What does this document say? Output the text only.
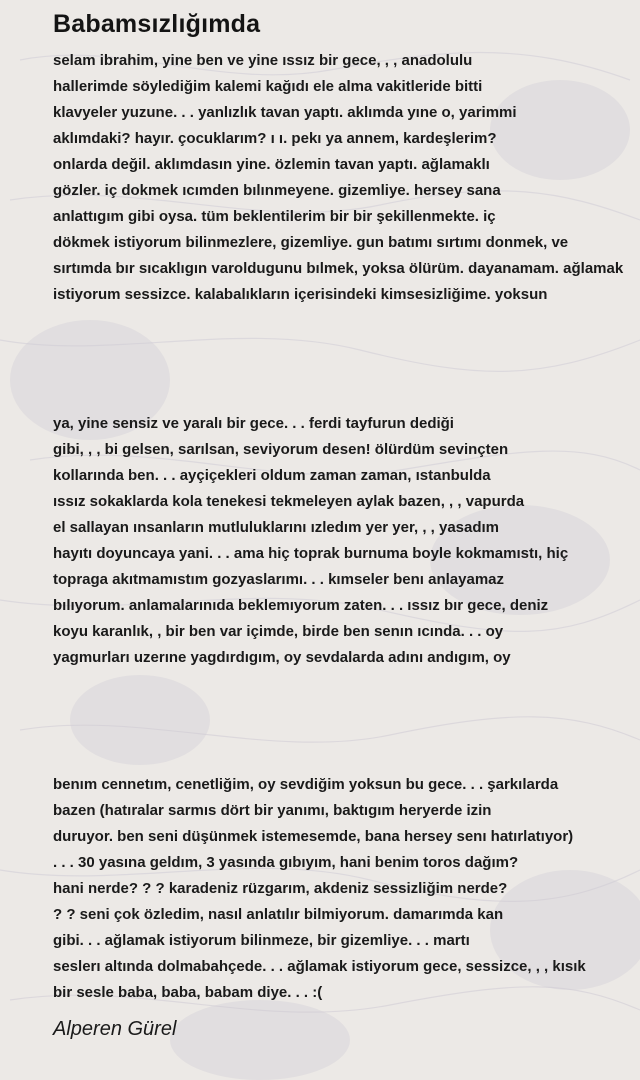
Babamsızlığımda
selam ibrahim, yine ben ve yine ıssız bir gece, , , anadolulu
hallerimde söylediğim kalemi kağıdı ele alma vakitleride bitti
klavyeler yuzune. . . yanlızlık tavan yaptı. aklımda yıne o, yarimmi
aklımdaki? hayır. çocuklarım? ı ı. pekı ya annem, kardeşlerim?
onlarda değil. aklımdasın yine. özlemin tavan yaptı. ağlamaklı
gözler. iç dokmek ıcımden bılınmeyene. gizemliye. hersey sana
anlattıgım gibi oysa. tüm beklentilerim bir bir şekillenmekte. iç
dökmek istiyorum bilinmezlere, gizemliye. gun batımı sırtımı donmek, ve
sırtımda bır sıcaklıgın varoldugunu bılmek, yoksa ölürüm. dayanamam. ağlamak
istiyorum sessizce. kalabalıkların içerisindeki kimsesizliğime. yoksun
ya, yine sensiz ve yaralı bir gece. . . ferdi tayfurun dediği
gibi, , , bi gelsen, sarılsan, seviyorum desen! ölürdüm sevinçten
kollarında ben. . . ayçiçekleri oldum zaman zaman, ıstanbulda
ıssız sokaklarda kola tenekesi tekmeleyen aylak bazen, , , vapurda
el sallayan ınsanların mutluluklarını ızledım yer yer, , , yasadım
hayıtı doyuncaya yani. . . ama hiç toprak burnuma boyle kokmamıstı, hiç
topraga akıtmamıstım gozyaslarımı. . . kımseler benı anlayamaz
bılıyorum. anlamalarınıda beklemıyorum zaten. . . ıssız bır gece, deniz
koyu karanlık, , bir ben var içimde, birde ben senın ıcında. . . oy
yagmurları uzerıne yagdırdıgım, oy sevdalarda adını andıgım, oy
benım cennetım, cenetliğim, oy sevdiğim yoksun bu gece. . . şarkılarda
bazen (hatıralar sarmıs dört bir yanımı, baktıgım heryerde izin
duruyor. ben seni düşünmek istemesemde, bana hersey senı hatırlatıyor)
. . . 30 yasına geldım, 3 yasında gıbıyım, hani benim toros dağım?
hani nerde? ? ? karadeniz rüzgarım, akdeniz sessizliğim nerde?
? ? seni çok özledim, nasıl anlatılır bilmiyorum. damarımda kan
gibi. . . ağlamak istiyorum bilinmeze, bir gizemliye. . . martı
seslerı altında dolmabahçede. . . ağlamak istiyorum gece, sessizce, , , kısık
bir sesle baba, baba, babam diye. . . :(
Alperen Gürel
